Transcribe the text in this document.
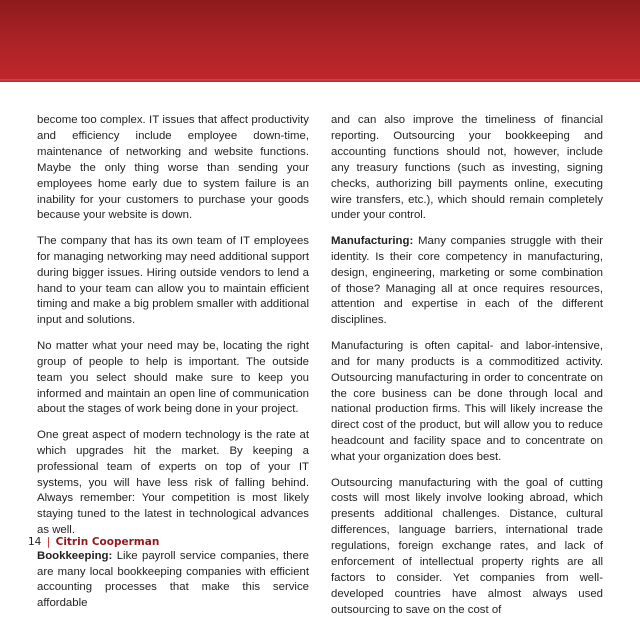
become too complex. IT issues that affect productivity and efficiency include employee down-time, maintenance of networking and website functions. Maybe the only thing worse than sending your employees home early due to system failure is an inability for your customers to purchase your goods because your website is down.

The company that has its own team of IT employees for managing networking may need additional support during bigger issues. Hiring outside vendors to lend a hand to your team can allow you to maintain efficient timing and make a big problem smaller with additional input and solutions.

No matter what your need may be, locating the right group of people to help is important. The outside team you select should make sure to keep you informed and maintain an open line of communication about the stages of work being done in your project.

One great aspect of modern technology is the rate at which upgrades hit the market. By keeping a professional team of experts on top of your IT systems, you will have less risk of falling behind. Always remember: Your competition is most likely staying tuned to the latest in technological advances as well.

Bookkeeping: Like payroll service companies, there are many local bookkeeping companies with efficient accounting processes that make this service affordable

and can also improve the timeliness of financial reporting. Outsourcing your bookkeeping and accounting functions should not, however, include any treasury functions (such as investing, signing checks, authorizing bill payments online, executing wire transfers, etc.), which should remain completely under your control.

Manufacturing: Many companies struggle with their identity. Is their core competency in manufacturing, design, engineering, marketing or some combination of those? Managing all at once requires resources, attention and expertise in each of the different disciplines.

Manufacturing is often capital- and labor-intensive, and for many products is a commoditized activity. Outsourcing manufacturing in order to concentrate on the core business can be done through local and national production firms. This will likely increase the direct cost of the product, but will allow you to reduce headcount and facility space and to concentrate on what your organization does best.

Outsourcing manufacturing with the goal of cutting costs will most likely involve looking abroad, which presents additional challenges. Distance, cultural differences, language barriers, international trade regulations, foreign exchange rates, and lack of enforcement of intellectual property rights are all factors to consider. Yet companies from well-developed countries have almost always used outsourcing to save on the cost of

14 | Citrin Cooperman
